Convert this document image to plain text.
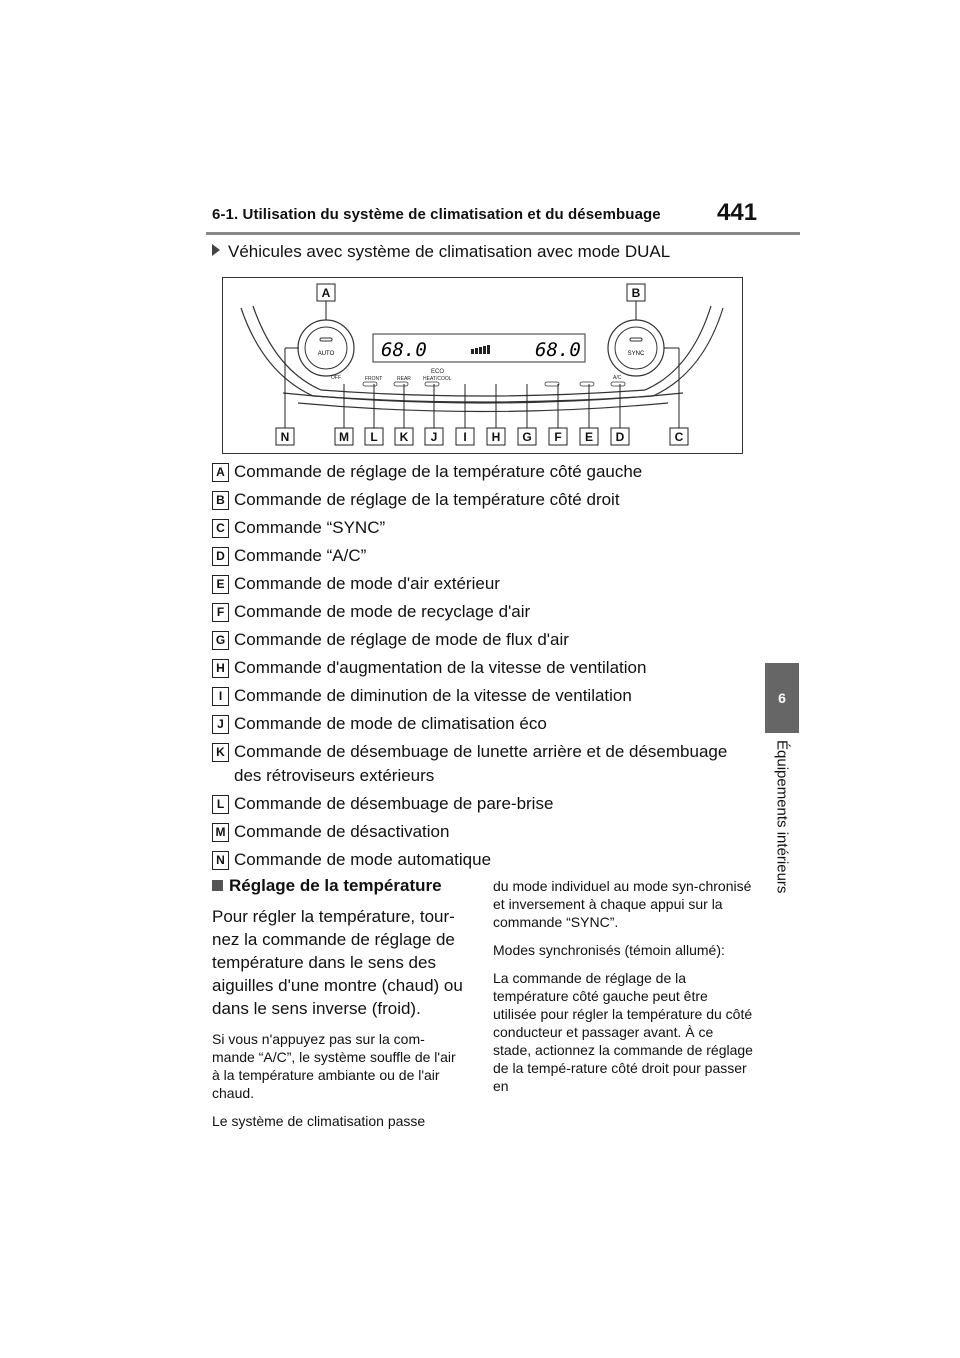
6-1. Utilisation du système de climatisation et du désembuage 441
6
Équipements intérieurs
Véhicules avec système de climatisation avec mode DUAL
AUTO	SYNC
68.0	68.0
OFF	FRONT	REAR
ECO
HEAT/COOL	A/C
A	B
N	M L K J I H G F E D	C
A Commande de réglage de la température côté gauche
B Commande de réglage de la température côté droit
C Commande “SYNC”
D Commande “A/C”
E Commande de mode d'air extérieur
F Commande de mode de recyclage d'air
G Commande de réglage de mode de flux d'air
H Commande d'augmentation de la vitesse de ventilation
I Commande de diminution de la vitesse de ventilation
J Commande de mode de climatisation éco
K Commande de désembuage de lunette arrière et de désembuage des rétroviseurs extérieurs
L Commande de désembuage de pare-brise
M Commande de désactivation
N Commande de mode automatique
Réglage de la température

Pour régler la température, tour-nez la commande de réglage de température dans le sens des aiguilles d'une montre (chaud) ou dans le sens inverse (froid).

Si vous n'appuyez pas sur la com-mande “A/C”, le système souffle de l'air à la température ambiante ou de l'air chaud.

Le système de climatisation passe

du mode individuel au mode syn-chronisé et inversement à chaque appui sur la commande “SYNC”.

Modes synchronisés (témoin allumé):

La commande de réglage de la température côté gauche peut être utilisée pour régler la température du côté conducteur et passager avant. À ce stade, actionnez la commande de réglage de la tempé-rature côté droit pour passer en
